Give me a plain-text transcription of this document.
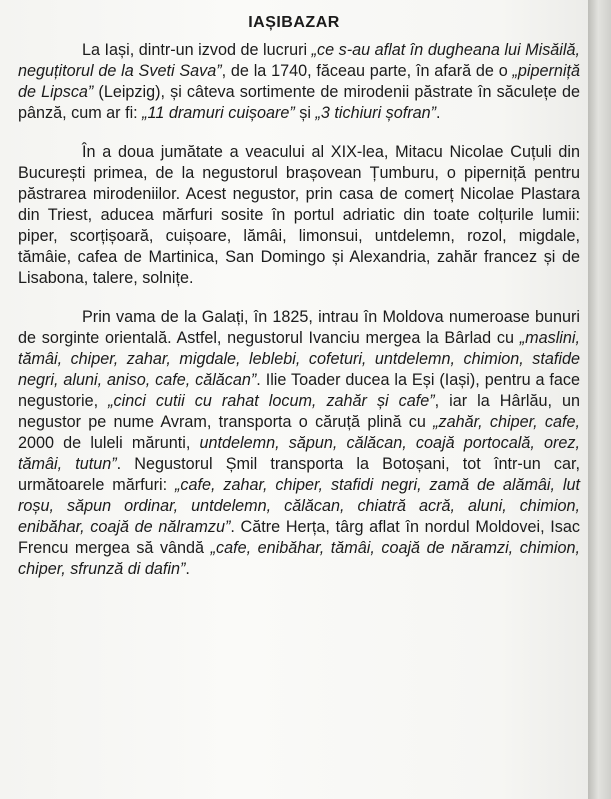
IAȘIBAZAR

La Iași, dintr-un izvod de lucruri „ce s-au aflat în dugheana lui Misăilă, neguțitorul de la Sveti Sava”, de la 1740, făceau parte, în afară de o „piperniță de Lipsca” (Leipzig), și câteva sortimente de mirodenii păstrate în săculețe de pânză, cum ar fi: „11 dramuri cuișoare” și „3 tichiuri șofran”.

În a doua jumătate a veacului al XIX-lea, Mitacu Nicolae Cuțuli din București primea, de la negustorul brașovean Țumburu, o piperniță pentru păstrarea mirodeniilor. Acest negustor, prin casa de comerț Nicolae Plastara din Triest, aducea mărfuri sosite în portul adriatic din toate colțurile lumii: piper, scorțișoară, cuișoare, lămâi, limonsui, untdelemn, rozol, migdale, tămâie, cafea de Martinica, San Domingo și Alexandria, zahăr francez și de Lisabona, talere, solnițe.

Prin vama de la Galați, în 1825, intrau în Moldova numeroase bunuri de sorginte orientală. Astfel, negustorul Ivanciu mergea la Bârlad cu „maslini, tămâi, chiper, zahar, migdale, leblebi, cofeturi, untdelemn, chimion, stafide negri, aluni, aniso, cafe, călăcan”. Ilie Toader ducea la Eși (Iași), pentru a face negustorie, „cinci cutii cu rahat locum, zahăr și cafe”, iar la Hârlău, un negustor pe nume Avram, transporta o căruță plină cu „zahăr, chiper, cafe, 2000 de luleli mărunti, untdelemn, săpun, călăcan, coajă portocală, orez, tămâi, tutun”. Negustorul Șmil transporta la Botoșani, tot într-un car, următoarele mărfuri: „cafe, zahar, chiper, stafidi negri, zamă de alămâi, lut roșu, săpun ordinar, untdelemn, călăcan, chiatră acră, aluni, chimion, enibăhar, coajă de nălramzu”. Către Herța, târg aflat în nordul Moldovei, Isac Frencu mergea să vândă „cafe, enibăhar, tămâi, coajă de năramzi, chimion, chiper, sfrunză di dafin”.
